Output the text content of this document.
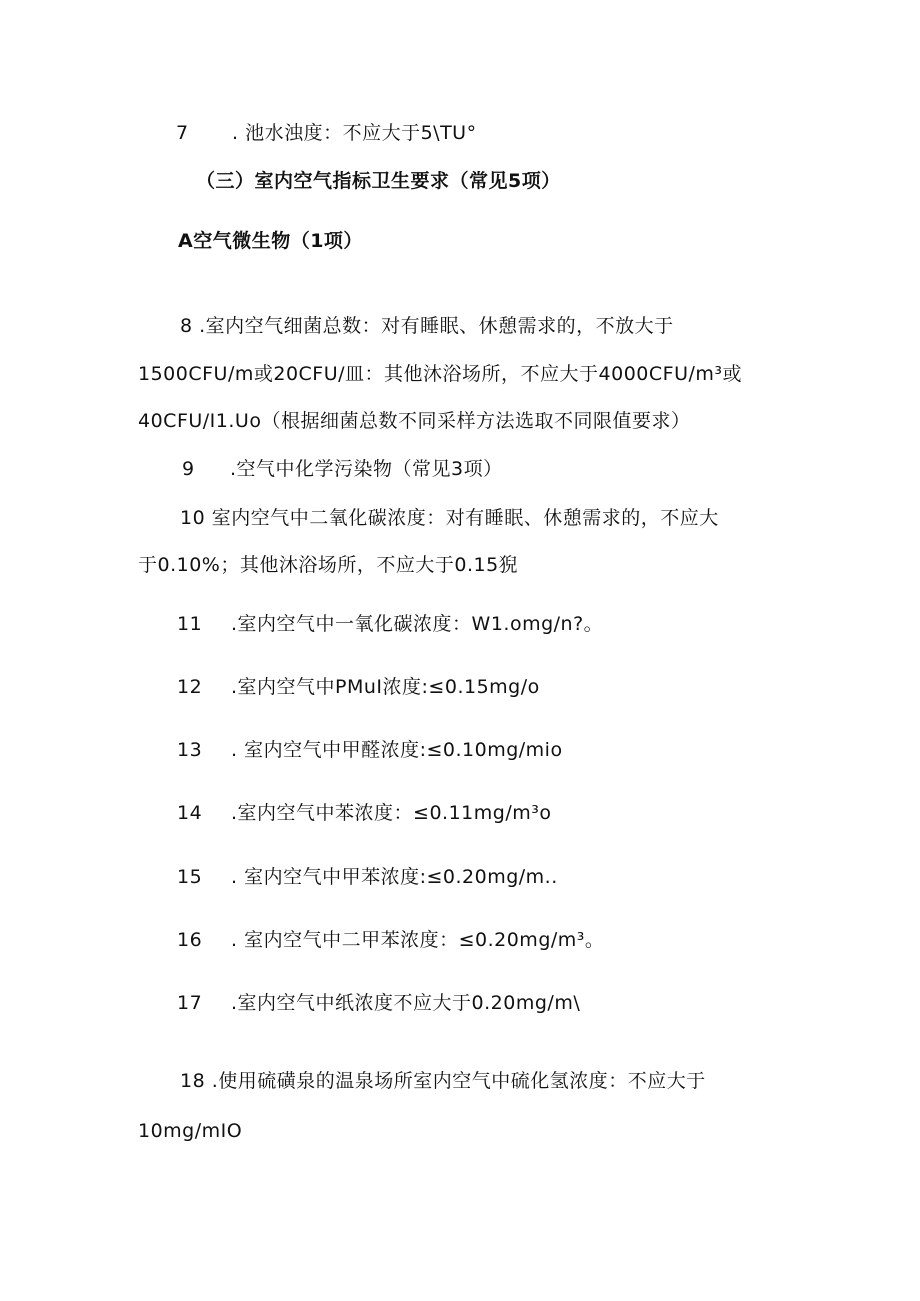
7 . 池水浊度：不应大于5\TU°
（三）室内空气指标卫生要求（常见5项）
A空气微生物（1项）
8 .室内空气细菌总数：对有睡眠、休憩需求的，不放大于
1500CFU∕m或20CFU/皿：其他沐浴场所，不应大于4000CFU∕m³或
40CFU/I1.Uo（根据细菌总数不同采样方法选取不同限值要求）
9 .空气中化学污染物（常见3项）
10 室内空气中二氧化碳浓度：对有睡眠、休憩需求的，不应大
于0.10%；其他沐浴场所，不应大于0.15猊
11 .室内空气中一氧化碳浓度：W1.omg/n?。
12 .室内空气中PMuI浓度:≤0.15mg∕o
13 . 室内空气中甲醛浓度:≤0.10mg∕mio
14 .室内空气中苯浓度：≤0.11mg∕m³o
15 . 室内空气中甲苯浓度:≤0.20mg∕m..
16 . 室内空气中二甲苯浓度：≤0.20mg∕m³。
17 .室内空气中纸浓度不应大于0.20mg∕m\
18 .使用硫磺泉的温泉场所室内空气中硫化氢浓度：不应大于
10mg∕mIO
